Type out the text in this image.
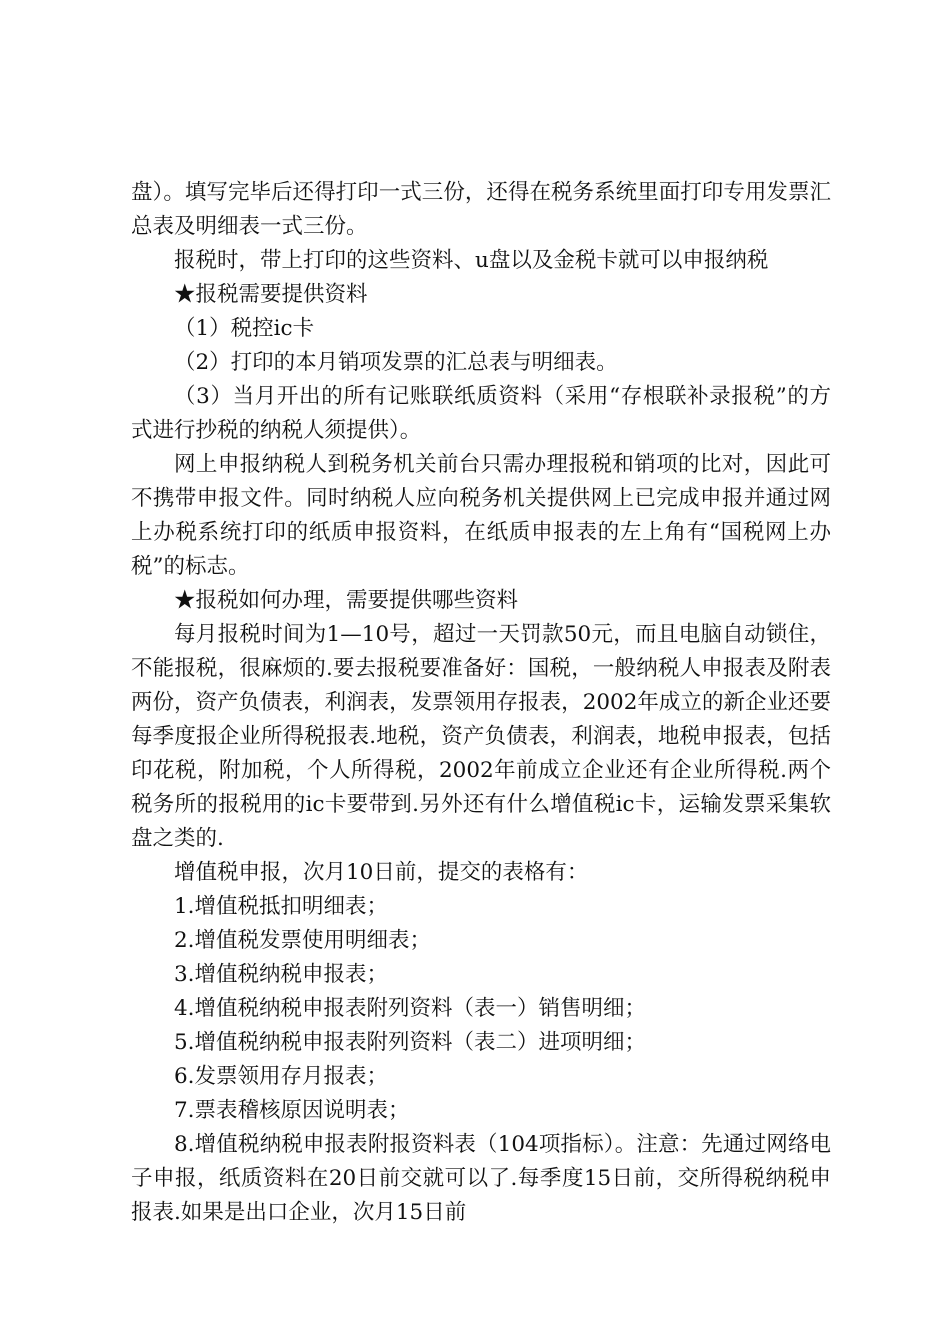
盘）。填写完毕后还得打印一式三份，还得在税务系统里面打印专用发票汇总表及明细表一式三份。

报税时，带上打印的这些资料、u盘以及金税卡就可以申报纳税

★报税需要提供资料

（1）税控ic卡

（2）打印的本月销项发票的汇总表与明细表。

（3）当月开出的所有记账联纸质资料（采用“存根联补录报税”的方式进行抄税的纳税人须提供）。

网上申报纳税人到税务机关前台只需办理报税和销项的比对，因此可不携带申报文件。同时纳税人应向税务机关提供网上已完成申报并通过网上办税系统打印的纸质申报资料，在纸质申报表的左上角有“国税网上办税”的标志。

★报税如何办理，需要提供哪些资料

每月报税时间为1—10号，超过一天罚款50元，而且电脑自动锁住，不能报税，很麻烦的.要去报税要准备好：国税，一般纳税人申报表及附表两份，资产负债表，利润表，发票领用存报表，2002年成立的新企业还要每季度报企业所得税报表.地税，资产负债表，利润表，地税申报表，包括印花税，附加税，个人所得税，2002年前成立企业还有企业所得税.两个税务所的报税用的ic卡要带到.另外还有什么增值税ic卡，运输发票采集软盘之类的.

增值税申报，次月10日前，提交的表格有：

1.增值税抵扣明细表；

2.增值税发票使用明细表；

3.增值税纳税申报表；

4.增值税纳税申报表附列资料（表一）销售明细；

5.增值税纳税申报表附列资料（表二）进项明细；

6.发票领用存月报表；

7.票表稽核原因说明表；

8.增值税纳税申报表附报资料表（104项指标）。注意：先通过网络电子申报，纸质资料在20日前交就可以了.每季度15日前，交所得税纳税申报表.如果是出口企业，次月15日前
